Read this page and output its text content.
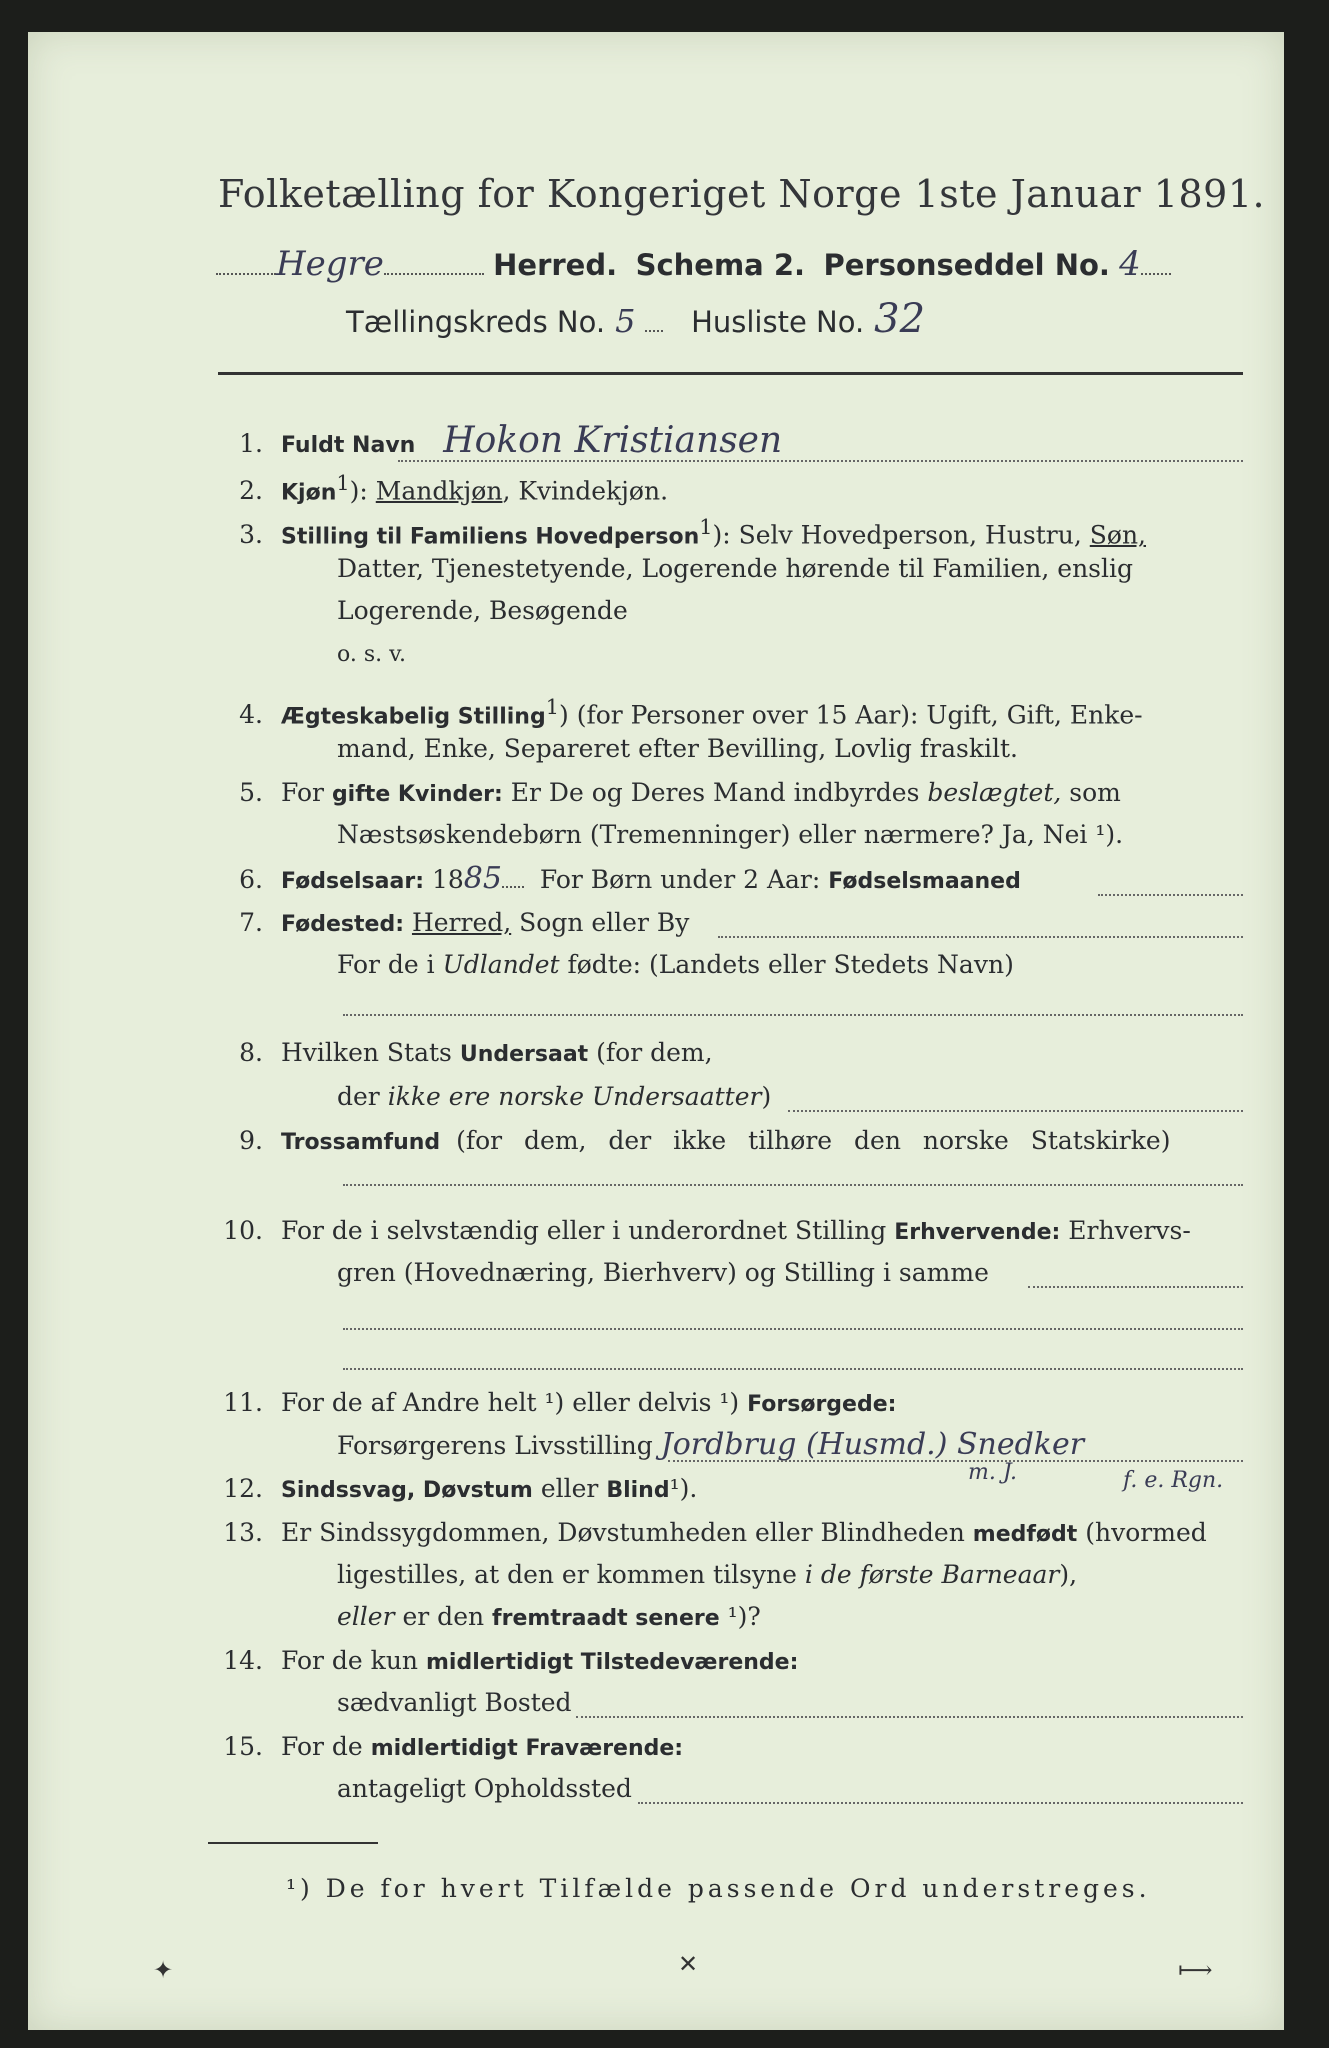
Folketælling for Kongeriget Norge 1ste Januar 1891.
Hegre	Herred. Schema 2. Personseddel No. 4
Tællingskreds No. 5 Husliste No. 32
1. Fuldt Navn Hokon Kristiansen
2. Kjøn$^1$): Mandkjøn, Kvindekjøn.
3. Stilling til Familiens Hovedperson$^1$): Selv Hovedperson, Hustru, Søn,
Datter, Tjenestetyende, Logerende hørende til Familien, enslig
Logerende, Besøgende
o. s. v.
4. Ægteskabelig Stilling$^1$) (for Personer over 15 Aar): Ugift, Gift, Enke-
mand, Enke, Separeret efter Bevilling, Lovlig fraskilt.
5. For gifte Kvinder: Er De og Deres Mand indbyrdes beslægtet, som
Næstsøskendebørn (Tremenninger) eller nærmere? Ja, Nei ¹).
6. Fødselsaar: 1885 For Børn under 2 Aar: Fødselsmaaned
7. Fødested: Herred, Sogn eller By
For de i Udlandet fødte: (Landets eller Stedets Navn)
8. Hvilken Stats Undersaat (for dem,
der ikke ere norske Undersaatter)
9. Trossamfund (for dem, der ikke tilhøre den norske Statskirke)
10. For de i selvstændig eller i underordnet Stilling Erhvervende: Erhvervs-
gren (Hovednæring, Bierhverv) og Stilling i samme
11. For de af Andre helt ¹) eller delvis ¹) Forsørgede:
Forsørgerens Livsstilling Jordbrug (Husmd.) Snedker
m. J.	f. e. Rgn.
12. Sindssvag, Døvstum eller Blind¹).
13. Er Sindssygdommen, Døvstumheden eller Blindheden medfødt (hvormed
ligestilles, at den er kommen tilsyne i de første Barneaar),
eller er den fremtraadt senere ¹)?
14. For de kun midlertidigt Tilstedeværende:
sædvanligt Bosted
15. For de midlertidigt Fraværende:
antageligt Opholdssted
¹) De for hvert Tilfælde passende Ord understreges.
✦	✕	⟼
